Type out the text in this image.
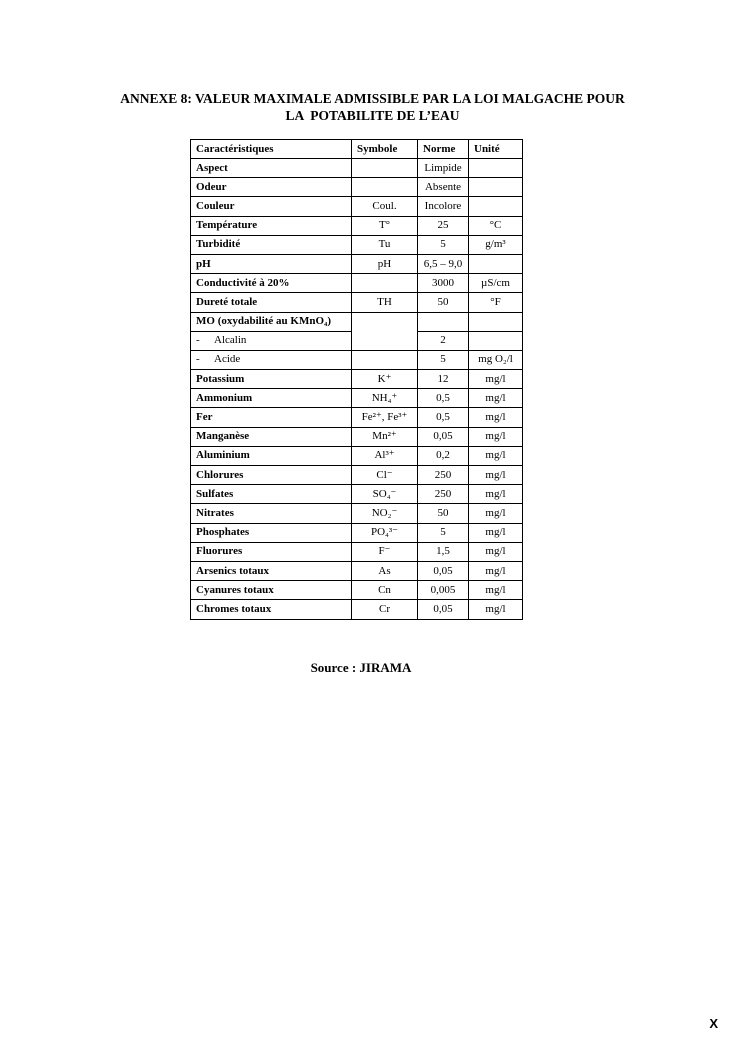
ANNEXE 8: VALEUR MAXIMALE ADMISSIBLE PAR LA LOI MALGACHE POUR
LA  POTABILITE DE L’EAU
Caractéristiques	Symbole	Norme	Unité
Aspect		Limpide	
Odeur		Absente	
Couleur	Coul.	Incolore	
Température	T°	25	°C
Turbidité	Tu	5	g/m³
pH	pH	6,5 – 9,0	
Conductivité à 20%		3000	µS/cm
Dureté totale	TH	50	°F
MO (oxydabilité au KMnO₄)			
- Alcalin		2	
- Acide		5	mg O₂/l
Potassium	K⁺	12	mg/l
Ammonium	NH₄⁺	0,5	mg/l
Fer	Fe²⁺, Fe³⁺	0,5	mg/l
Manganèse	Mn²⁺	0,05	mg/l
Aluminium	Al³⁺	0,2	mg/l
Chlorures	Cl⁻	250	mg/l
Sulfates	SO₄⁻	250	mg/l
Nitrates	NO₂⁻	50	mg/l
Phosphates	PO₄³⁻	5	mg/l
Fluorures	F⁻	1,5	mg/l
Arsenics totaux	As	0,05	mg/l
Cyanures totaux	Cn	0,005	mg/l
Chromes totaux	Cr	0,05	mg/l
Source : JIRAMA
X
